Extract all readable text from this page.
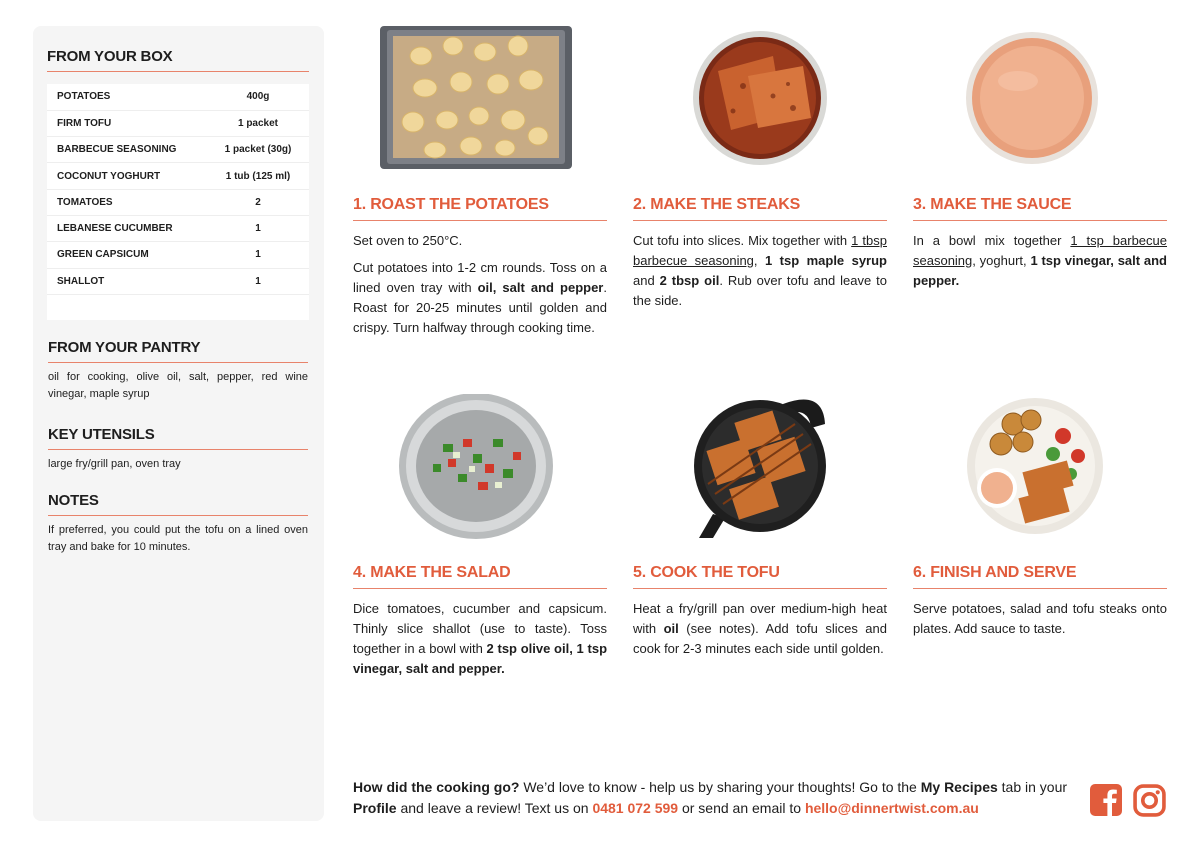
FROM YOUR BOX
POTATOES	400g
FIRM TOFU	1 packet
BARBECUE SEASONING	1 packet (30g)
COCONUT YOGHURT	1 tub (125 ml)
TOMATOES	2
LEBANESE CUCUMBER	1
GREEN CAPSICUM	1
SHALLOT	1

FROM YOUR PANTRY
oil for cooking, olive oil, salt, pepper, red wine vinegar, maple syrup
KEY UTENSILS
large fry/grill pan, oven tray
NOTES
If preferred, you could put the tofu on a lined oven tray and bake for 10 minutes.
1. ROAST THE POTATOES

Set oven to 250°C.

Cut potatoes into 1-2 cm rounds. Toss on a lined oven tray with oil, salt and pepper. Roast for 20-25 minutes until golden and crispy. Turn halfway through cooking time.

2. MAKE THE STEAKS

Cut tofu into slices. Mix together with 1 tbsp barbecue seasoning, 1 tsp maple syrup and 2 tbsp oil. Rub over tofu and leave to the side.

3. MAKE THE SAUCE

In a bowl mix together 1 tsp barbecue seasoning, yoghurt, 1 tsp vinegar, salt and pepper.

4. MAKE THE SALAD

Dice tomatoes, cucumber and capsicum. Thinly slice shallot (use to taste). Toss together in a bowl with 2 tsp olive oil, 1 tsp vinegar, salt and pepper.

5. COOK THE TOFU

Heat a fry/grill pan over medium-high heat with oil (see notes). Add tofu slices and cook for 2-3 minutes each side until golden.

6. FINISH AND SERVE

Serve potatoes, salad and tofu steaks onto plates. Add sauce to taste.

How did the cooking go? We’d love to know - help us by sharing your thoughts! Go to the My Recipes tab in your Profile and leave a review! Text us on 0481 072 599 or send an email to hello@dinnertwist.com.au
